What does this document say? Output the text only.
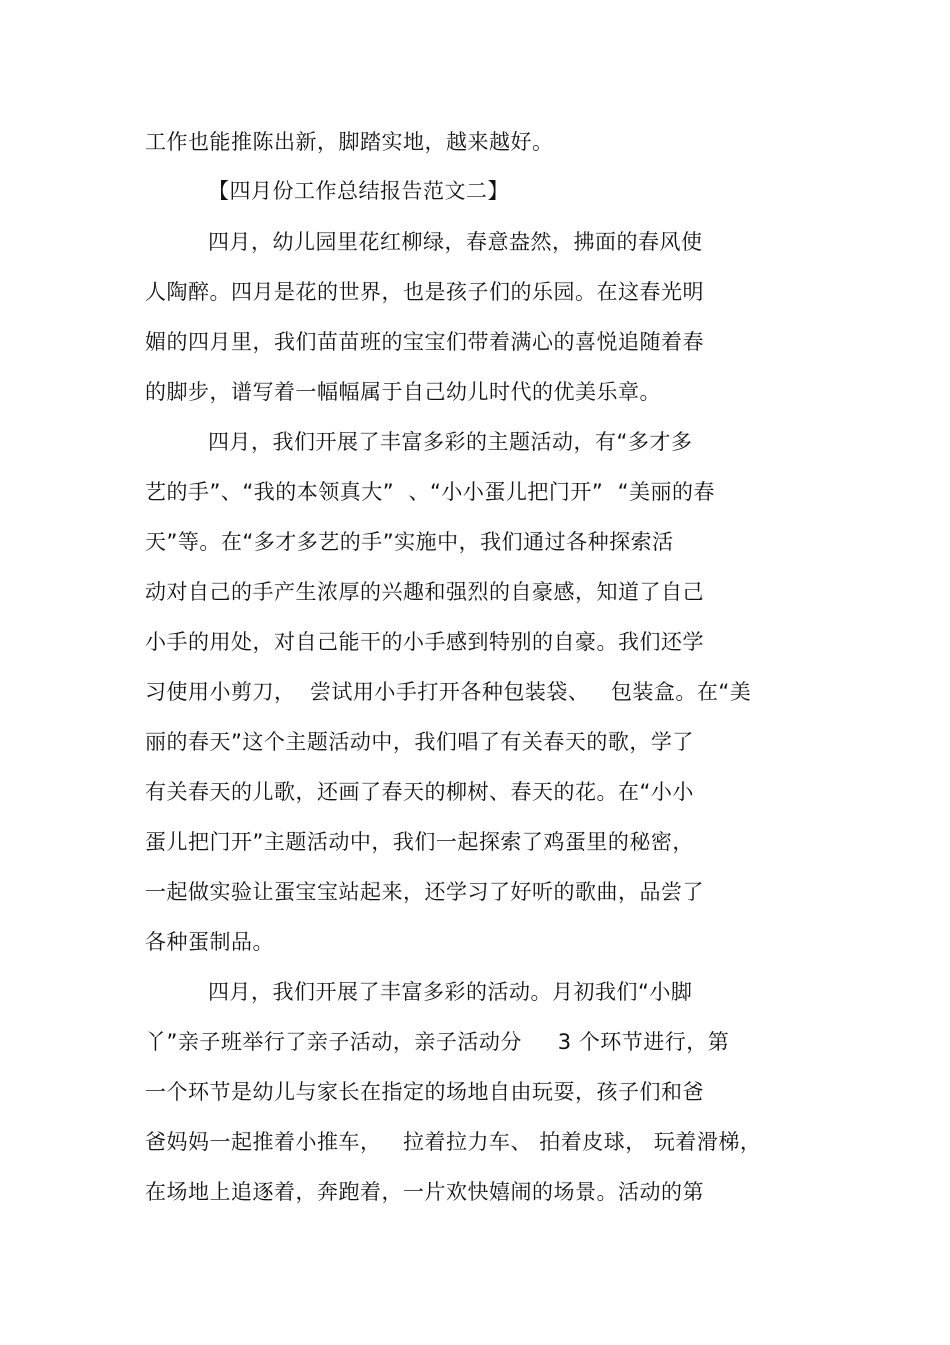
工作也能推陈出新，脚踏实地，越来越好。
【四月份工作总结报告范文二】
四月，幼儿园里花红柳绿，春意盎然，拂面的春风使
人陶醉。四月是花的世界，也是孩子们的乐园。在这春光明
媚的四月里，我们苗苗班的宝宝们带着满心的喜悦追随着春
的脚步，谱写着一幅幅属于自己幼儿时代的优美乐章。
四月，我们开展了丰富多彩的主题活动，有“多才多
艺的手”、“我的本领真大”  、“小小蛋儿把门开”  “美丽的春
天”等。在“多才多艺的手”实施中，我们通过各种探索活
动对自己的手产生浓厚的兴趣和强烈的自豪感，知道了自己
小手的用处，对自己能干的小手感到特别的自豪。我们还学
习使用小剪刀，  尝试用小手打开各种包装袋、   包装盒。在“美
丽的春天”这个主题活动中，我们唱了有关春天的歌，学了
有关春天的儿歌，还画了春天的柳树、春天的花。在“小小
蛋儿把门开”主题活动中，我们一起探索了鸡蛋里的秘密，
一起做实验让蛋宝宝站起来，还学习了好听的歌曲，品尝了
各种蛋制品。
四月，我们开展了丰富多彩的活动。月初我们“小脚
丫”亲子班举行了亲子活动，亲子活动分     3 个环节进行，第
一个环节是幼儿与家长在指定的场地自由玩耍，孩子们和爸
爸妈妈一起推着小推车，   拉着拉力车、 拍着皮球， 玩着滑梯，
在场地上追逐着，奔跑着，一片欢快嬉闹的场景。活动的第
